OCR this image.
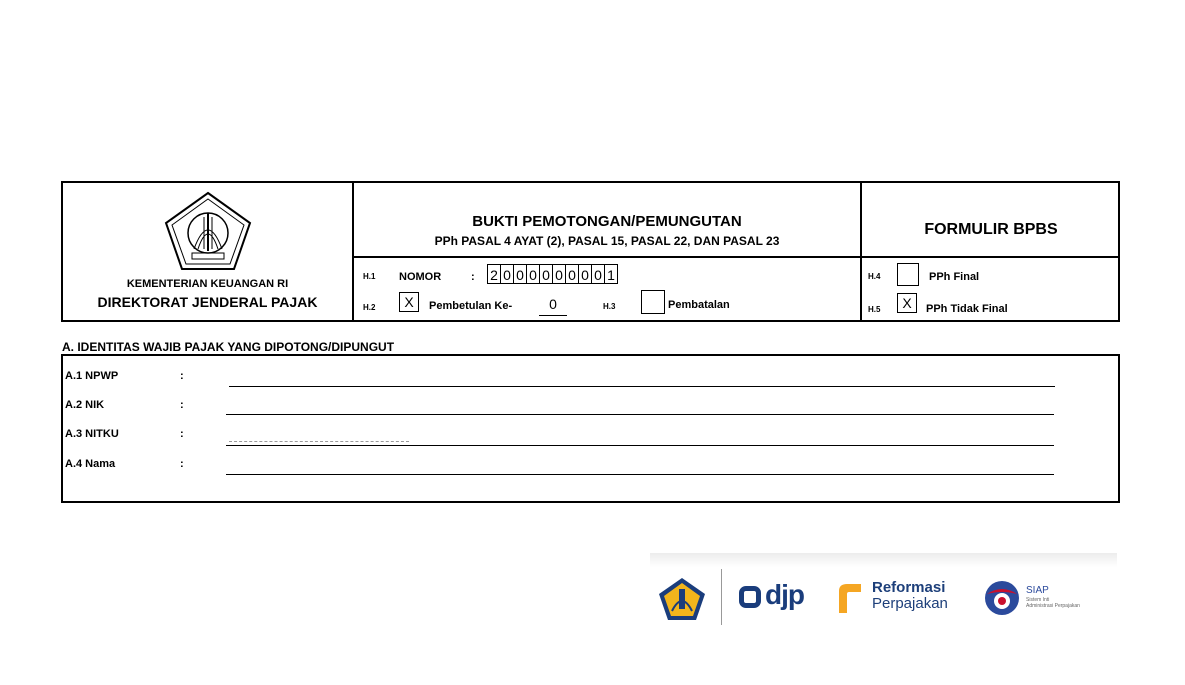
KEMENTERIAN KEUANGAN RI
DIREKTORAT JENDERAL PAJAK
BUKTI PEMOTONGAN/PEMUNGUTAN
PPh PASAL 4 AYAT (2), PASAL 15, PASAL 22, DAN PASAL 23
FORMULIR BPBS
H.1 NOMOR	: 2 0 0 0 0 0 0 0 0 1
H.2	X	Pembetulan Ke-	0	H.3	Pembatalan
H.4	PPh Final
H.5	X	PPh Tidak Final
A. IDENTITAS WAJIB PAJAK YANG DIPOTONG/DIPUNGUT
A.1 NPWP	:
A.2 NIK	:
A.3 NITKU	:
A.4 Nama	:
djp	Reformasi
Perpajakan
SIAP
Sistem Inti
Administrasi Perpajakan
